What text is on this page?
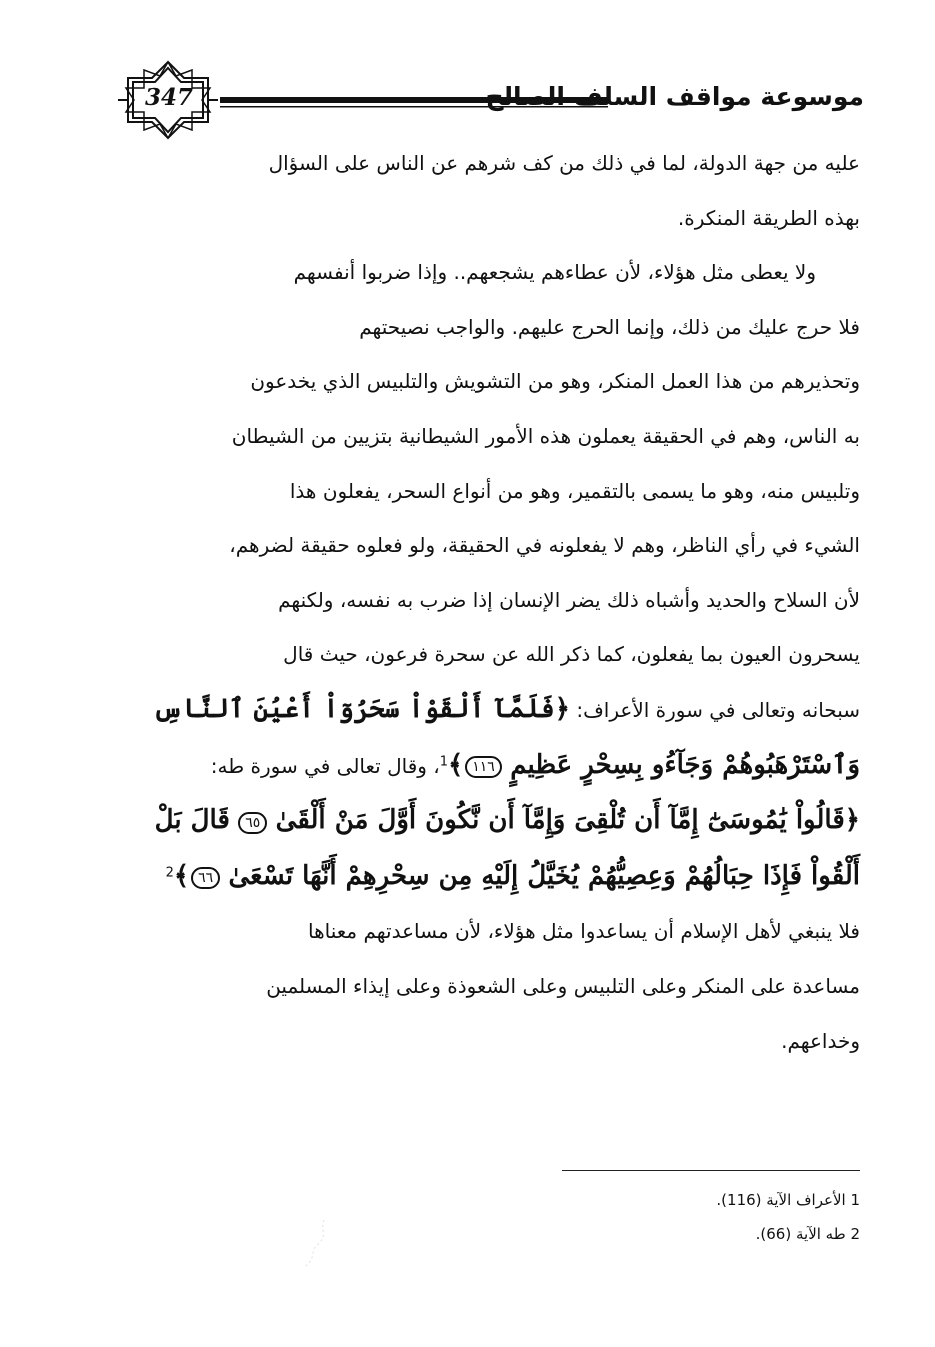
347	موسوعة مواقف السلف الصالح

عليه من جهة الدولة، لما في ذلك من كف شرهم عن الناس على السؤال

بهذه الطريقة المنكرة.

ولا يعطى مثل هؤلاء، لأن عطاءهم يشجعهم.. وإذا ضربوا أنفسهم

فلا حرج عليك من ذلك، وإنما الحرج عليهم. والواجب نصيحتهم

وتحذيرهم من هذا العمل المنكر، وهو من التشويش والتلبيس الذي يخدعون

به الناس، وهم في الحقيقة يعملون هذه الأمور الشيطانية بتزيين من الشيطان

وتلبيس منه، وهو ما يسمى بالتقمير، وهو من أنواع السحر، يفعلون هذا

الشيء في رأي الناظر، وهم لا يفعلونه في الحقيقة، ولو فعلوه حقيقة لضرهم،

لأن السلاح والحديد وأشباه ذلك يضر الإنسان إذا ضرب به نفسه، ولكنهم

يسحرون العيون بما يفعلون، كما ذكر الله عن سحرة فرعون، حيث قال

سبحانه وتعالى في سورة الأعراف: ﴿فَلَمَّآ أَلْقَوْاْ سَحَرُوٓاْ أَعْيُنَ ٱلنَّاسِ

وَٱسْتَرْهَبُوهُمْ وَجَآءُو بِسِحْرٍ عَظِيمٍ ١١٦﴾$^1$، وقال تعالى في سورة طه:

﴿قَالُواْ يَٰمُوسَىٰٓ إِمَّآ أَن تُلْقِىَ وَإِمَّآ أَن نَّكُونَ أَوَّلَ مَنْ أَلْقَىٰ ٦٥ قَالَ بَلْ

أَلْقُواْ فَإِذَا حِبَالُهُمْ وَعِصِيُّهُمْ يُخَيَّلُ إِلَيْهِ مِن سِحْرِهِمْ أَنَّهَا تَسْعَىٰ ٦٦﴾$^2$

فلا ينبغي لأهل الإسلام أن يساعدوا مثل هؤلاء، لأن مساعدتهم معناها

مساعدة على المنكر وعلى التلبيس وعلى الشعوذة وعلى إيذاء المسلمين

وخداعهم.

1 الأعراف الآية (116).
2 طه الآية (66).
